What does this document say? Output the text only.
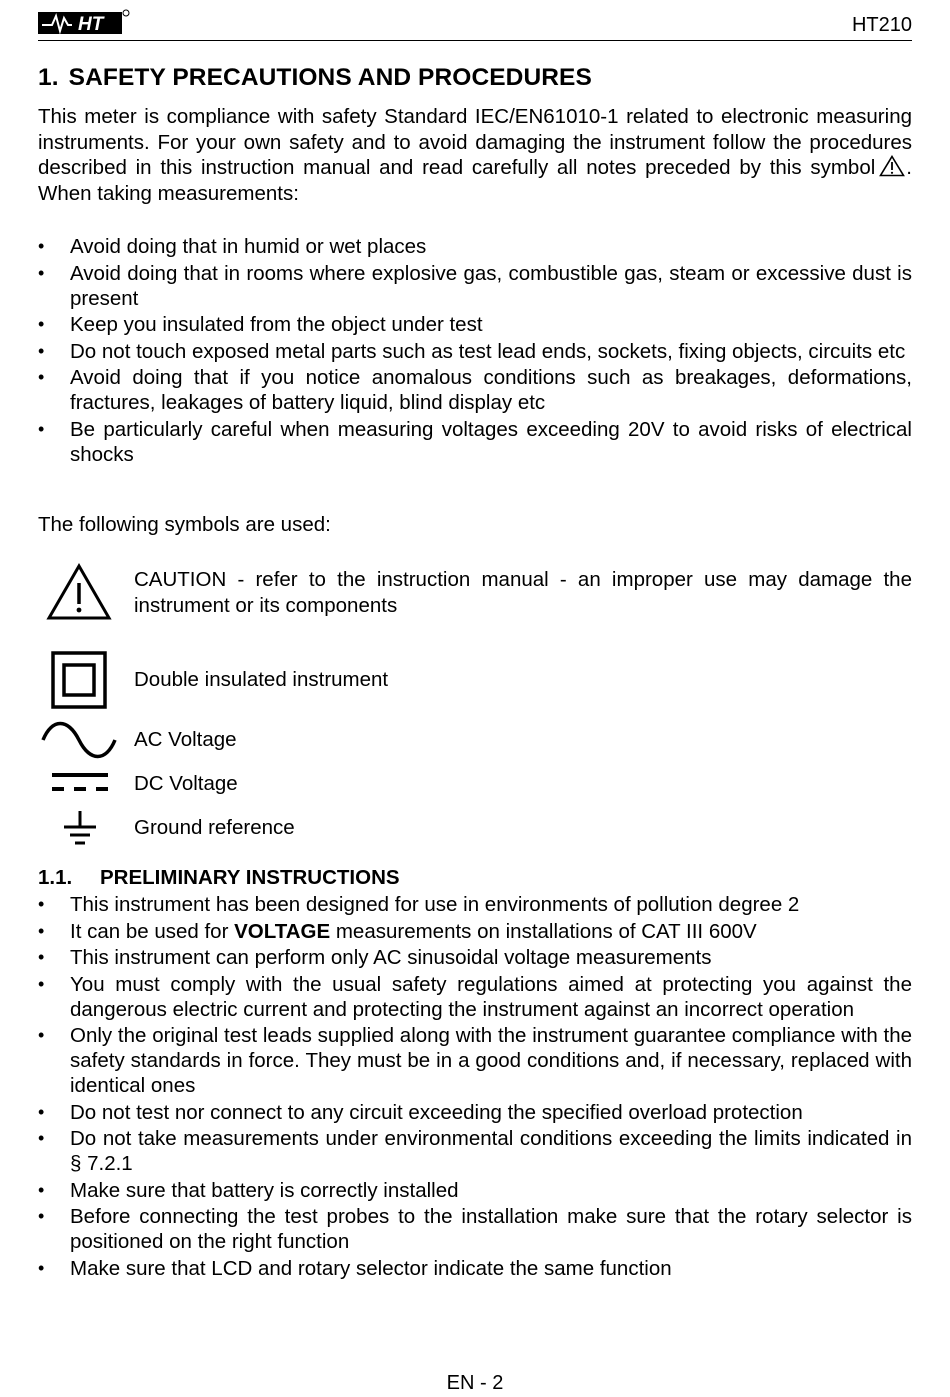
HT	HT210
1. SAFETY PRECAUTIONS AND PROCEDURES
This meter is compliance with safety Standard IEC/EN61010-1 related to electronic measuring instruments. For your own safety and to avoid damaging the instrument follow the procedures described in this instruction manual and read carefully all notes preceded by this symbol . When taking measurements:
• Avoid doing that in humid or wet places
• Avoid doing that in rooms where explosive gas, combustible gas, steam or excessive dust is present
• Keep you insulated from the object under test
• Do not touch exposed metal parts such as test lead ends, sockets, fixing objects, circuits etc
• Avoid doing that if you notice anomalous conditions such as breakages, deformations, fractures, leakages of battery liquid, blind display etc
• Be particularly careful when measuring voltages exceeding 20V to avoid risks of electrical shocks
The following symbols are used:
CAUTION - refer to the instruction manual - an improper use may damage the instrument or its components
Double insulated instrument
AC Voltage
DC Voltage
Ground reference
1.1. PRELIMINARY INSTRUCTIONS
• This instrument has been designed for use in environments of pollution degree 2
• It can be used for VOLTAGE measurements on installations of CAT III 600V
• This instrument can perform only AC sinusoidal voltage measurements
• You must comply with the usual safety regulations aimed at protecting you against the dangerous electric current and protecting the instrument against an incorrect operation
• Only the original test leads supplied along with the instrument guarantee compliance with the safety standards in force. They must be in a good conditions and, if necessary, replaced with identical ones
• Do not test nor connect to any circuit exceeding the specified overload protection
• Do not take measurements under environmental conditions exceeding the limits indicated in § 7.2.1
• Make sure that battery is correctly installed
• Before connecting the test probes to the installation make sure that the rotary selector is positioned on the right function
• Make sure that LCD and rotary selector indicate the same function
EN - 2
